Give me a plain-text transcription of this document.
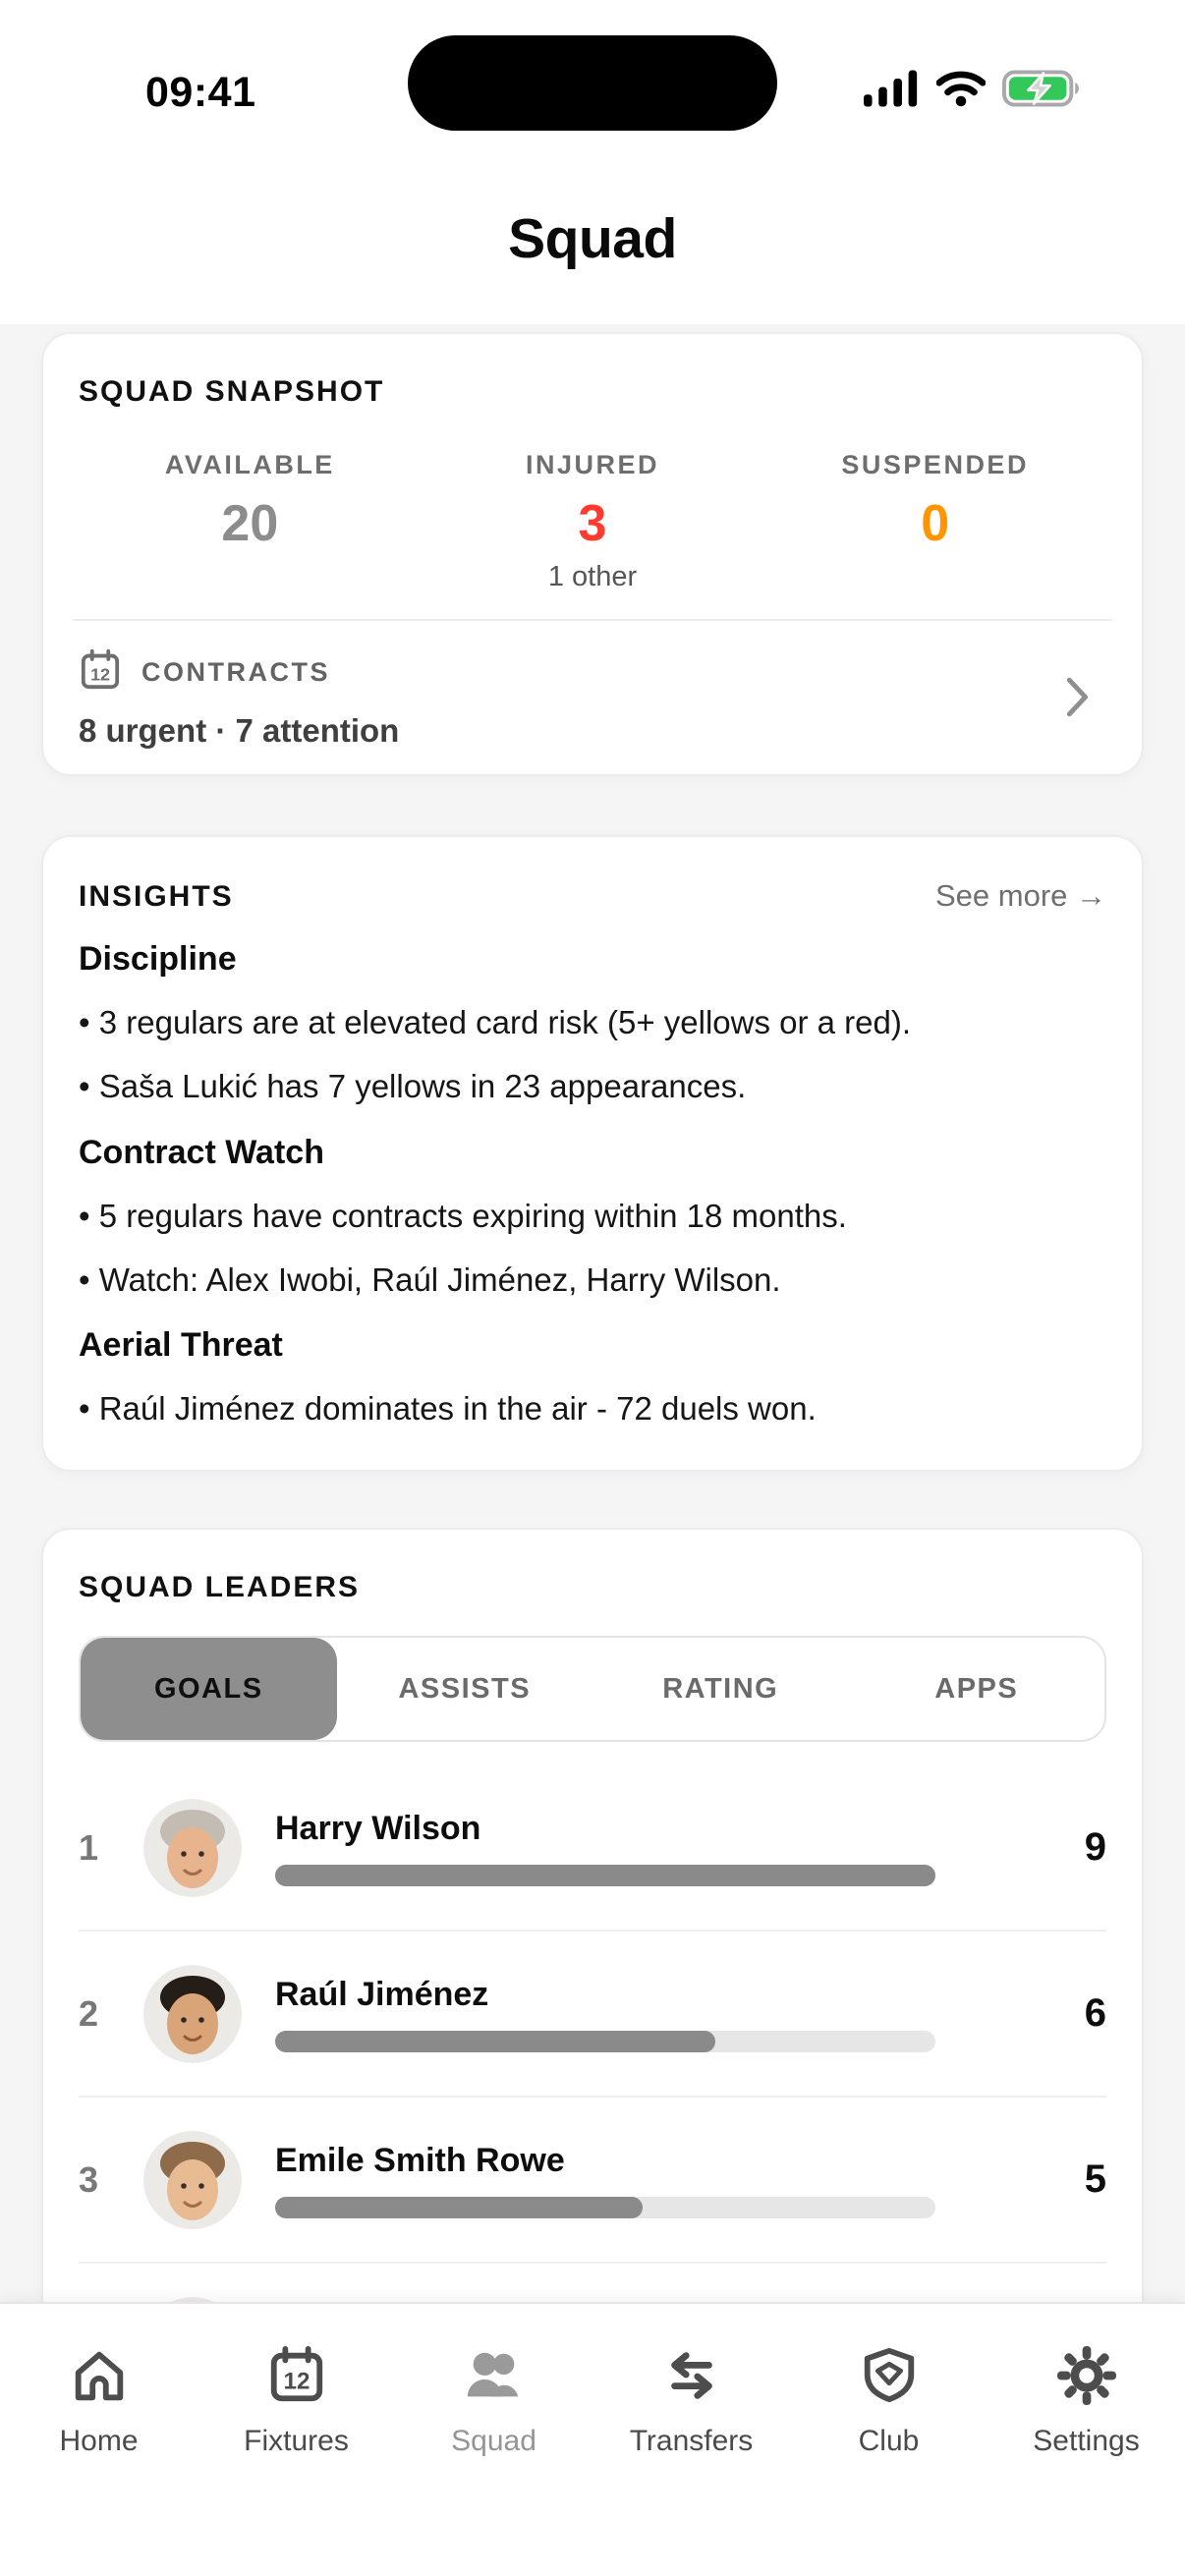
09:41
Squad
SQUAD SNAPSHOT
AVAILABLE
20
INJURED
3
SUSPENDED
0
1 other
12 CONTRACTS
8 urgent · 7 attention
INSIGHTS	See more →
Discipline
• 3 regulars are at elevated card risk (5+ yellows or a red).
• Saša Lukić has 7 yellows in 23 appearances.
Contract Watch
• 5 regulars have contracts expiring within 18 months.
• Watch: Alex Iwobi, Raúl Jiménez, Harry Wilson.
Aerial Threat
• Raúl Jiménez dominates in the air - 72 duels won.
SQUAD LEADERS
GOALS	ASSISTS	RATING	APPS
1	Harry Wilson	9
2	Raúl Jiménez	6
3	Emile Smith Rowe	5
Home
12
Fixtures	Squad	Transfers	Club	Settings
